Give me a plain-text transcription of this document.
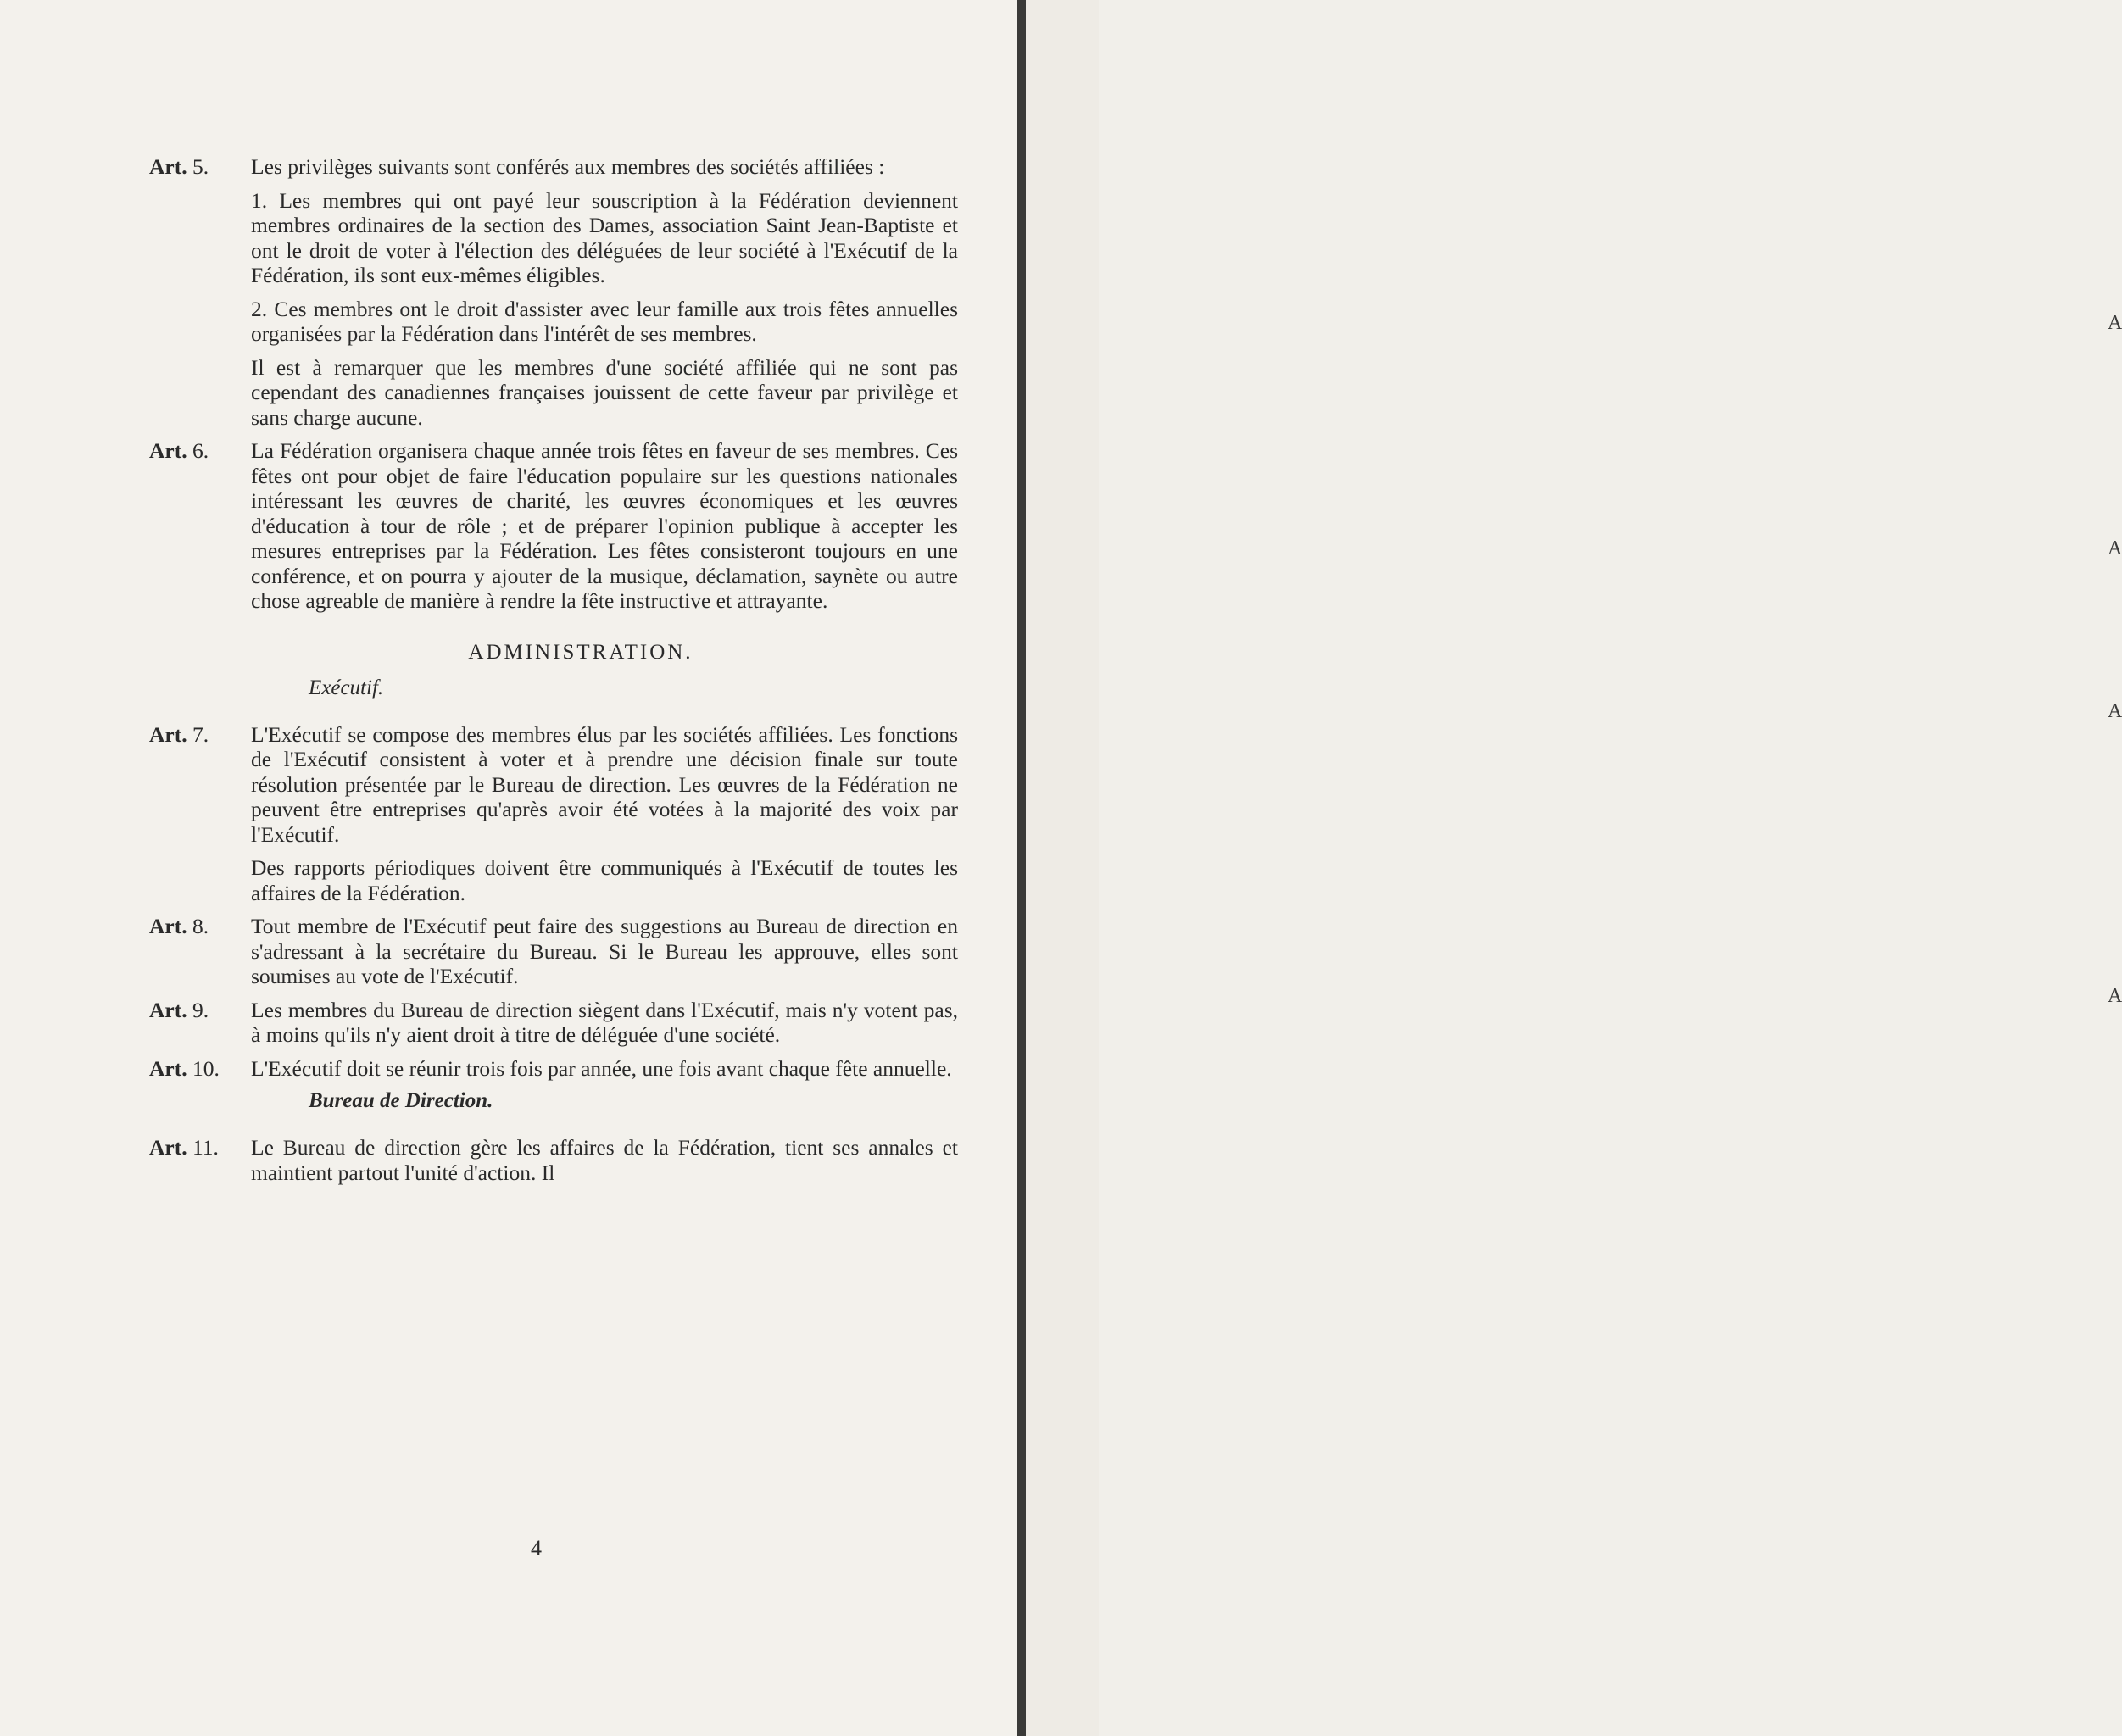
Art. 5. Les privilèges suivants sont conférés aux membres des sociétés affiliées :

1. Les membres qui ont payé leur souscription à la Fédération deviennent membres ordinaires de la section des Dames, association Saint Jean-Baptiste et ont le droit de voter à l'élection des déléguées de leur société à l'Exécutif de la Fédération, ils sont eux-mêmes éligibles.

2. Ces membres ont le droit d'assister avec leur famille aux trois fêtes annuelles organisées par la Fédération dans l'intérêt de ses membres.

Il est à remarquer que les membres d'une société affiliée qui ne sont pas cependant des canadiennes françaises jouissent de cette faveur par privilège et sans charge aucune.

Art. 6. La Fédération organisera chaque année trois fêtes en faveur de ses membres. Ces fêtes ont pour objet de faire l'éducation populaire sur les questions nationales intéressant les œuvres de charité, les œuvres économiques et les œuvres d'éducation à tour de rôle ; et de préparer l'opinion publique à accepter les mesures entreprises par la Fédération. Les fêtes consisteront toujours en une conférence, et on pourra y ajouter de la musique, déclamation, saynète ou autre chose agreable de manière à rendre la fête instructive et attrayante.

ADMINISTRATION.
Exécutif.
Art. 7. L'Exécutif se compose des membres élus par les sociétés affiliées. Les fonctions de l'Exécutif consistent à voter et à prendre une décision finale sur toute résolution présentée par le Bureau de direction. Les œuvres de la Fédération ne peuvent être entreprises qu'après avoir été votées à la majorité des voix par l'Exécutif.

Des rapports périodiques doivent être communiqués à l'Exécutif de toutes les affaires de la Fédération.

Art. 8. Tout membre de l'Exécutif peut faire des suggestions au Bureau de direction en s'adressant à la secrétaire du Bureau. Si le Bureau les approuve, elles sont soumises au vote de l'Exécutif.

Art. 9. Les membres du Bureau de direction siègent dans l'Exécutif, mais n'y votent pas, à moins qu'ils n'y aient droit à titre de déléguée d'une société.

Art. 10. L'Exécutif doit se réunir trois fois par année, une fois avant chaque fête annuelle.

Bureau de Direction.
Art. 11. Le Bureau de direction gère les affaires de la Fédération, tient ses annales et maintient partout l'unité d'action. Il

4
A
A
A
A
